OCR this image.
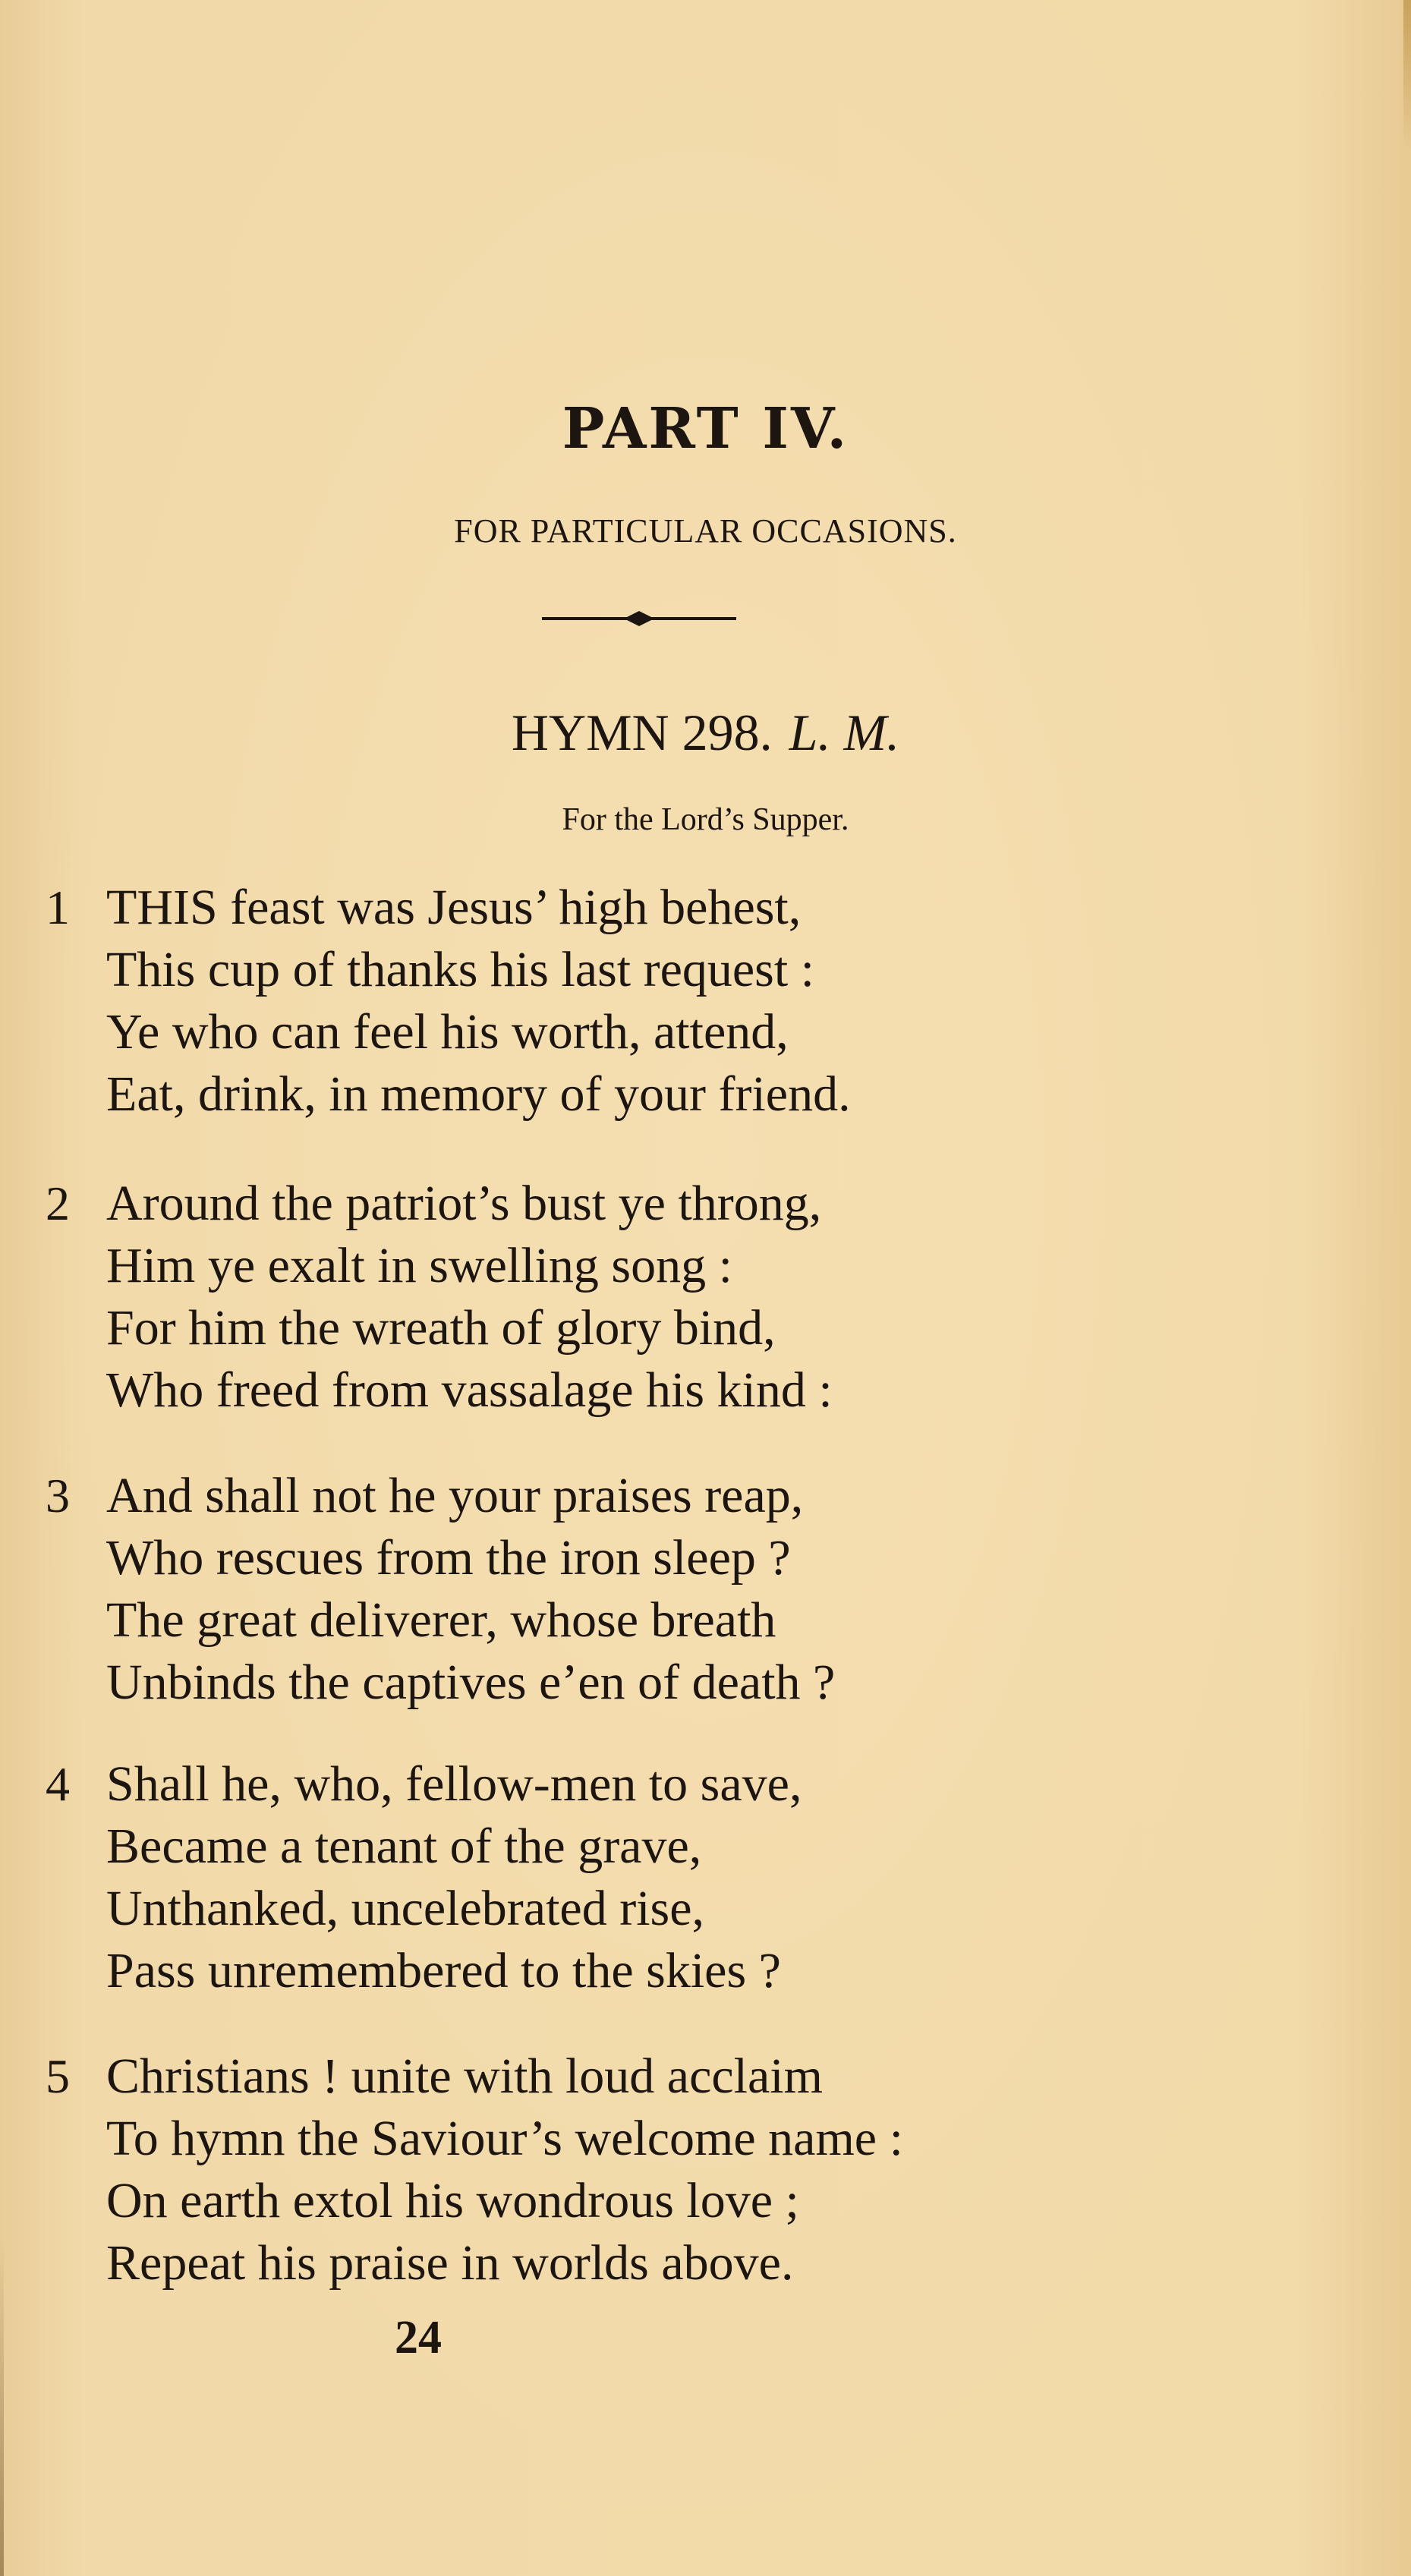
PART IV.
FOR PARTICULAR OCCASIONS.
HYMN 298. L. M.
For the Lord’s Supper.
1 THIS feast was Jesus’ high behest,
This cup of thanks his last request :
Ye who can feel his worth, attend,
Eat, drink, in memory of your friend.
2 Around the patriot’s bust ye throng,
Him ye exalt in swelling song :
For him the wreath of glory bind,
Who freed from vassalage his kind :
3 And shall not he your praises reap,
Who rescues from the iron sleep ?
The great deliverer, whose breath
Unbinds the captives e’en of death ?
4 Shall he, who, fellow-men to save,
Became a tenant of the grave,
Unthanked, uncelebrated rise,
Pass unremembered to the skies ?
5 Christians ! unite with loud acclaim
To hymn the Saviour’s welcome name :
On earth extol his wondrous love ;
Repeat his praise in worlds above.
24
